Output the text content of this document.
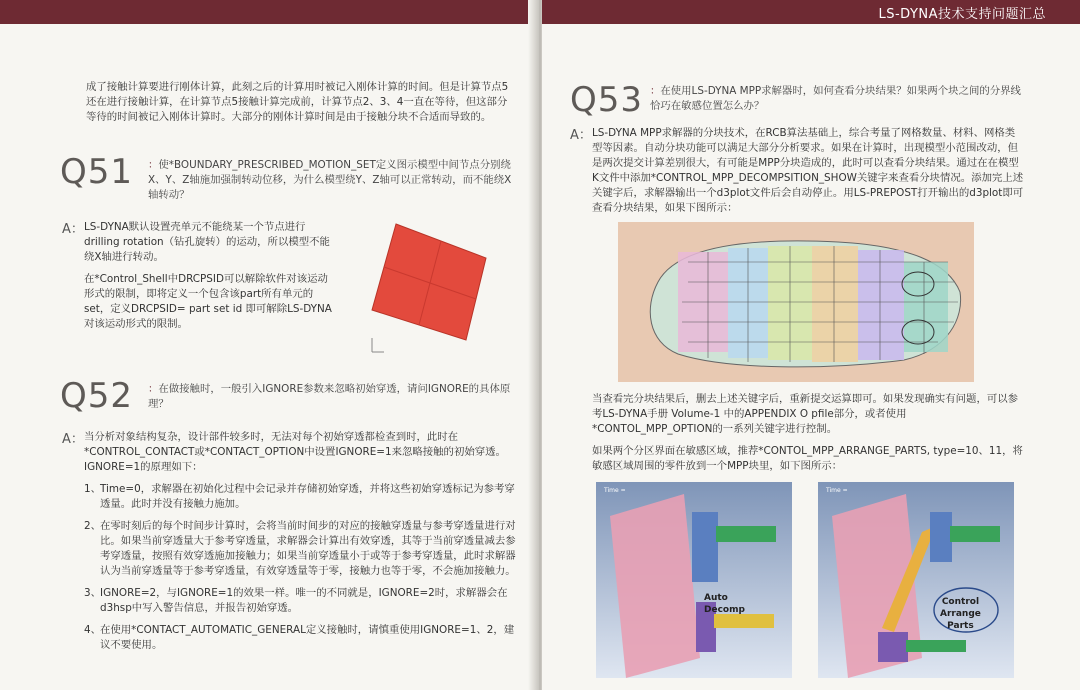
成了接触计算要进行刚体计算，此刻之后的计算用时被记入刚体计算的时间。但是计算节点5还在进行接触计算，在计算节点5接触计算完成前，计算节点2、3、4一直在等待，但这部分等待的时间被记入刚体计算时。大部分的刚体计算时间是由于接触分块不合适而导致的。
Q51 ：使*BOUNDARY_PRESCRIBED_MOTION_SET定义图示模型中间节点分别绕X、Y、Z轴施加强制转动位移，为什么模型绕Y、Z轴可以正常转动，而不能绕X轴转动？
A： LS-DYNA默认设置壳单元不能绕某一个节点进行drilling rotation（钻孔旋转）的运动，所以模型不能绕X轴进行转动。
在*Control_Shell中DRCPSID可以解除软件对该运动形式的限制，即将定义一个包含该part所有单元的set，定义DRCPSID= part set id 即可解除LS-DYNA对该运动形式的限制。
Q52 ：在做接触时，一般引入IGNORE参数来忽略初始穿透，请问IGNORE的具体原理？
A： 当分析对象结构复杂，设计部件较多时，无法对每个初始穿透都检查到时，此时在*CONTROL_CONTACT或*CONTACT_OPTION中设置IGNORE=1来忽略接触的初始穿透。IGNORE=1的原理如下：
1、
Time=0，求解器在初始化过程中会记录并存储初始穿透，并将这些初始穿透标记为参考穿透量。此时并没有接触力施加。
2、
在零时刻后的每个时间步计算时，会将当前时间步的对应的接触穿透量与参考穿透量进行对比。如果当前穿透量大于参考穿透量，求解器会计算出有效穿透，其等于当前穿透量减去参考穿透量，按照有效穿透施加接触力；如果当前穿透量小于或等于参考穿透量，此时求解器认为当前穿透量等于参考穿透量，有效穿透量等于零，接触力也等于零，不会施加接触力。
3、
IGNORE=2，与IGNORE=1的效果一样。唯一的不同就是，IGNORE=2时，求解器会在d3hsp中写入警告信息，并报告初始穿透。
4、
在使用*CONTACT_AUTOMATIC_GENERAL定义接触时，请慎重使用IGNORE=1、2，建议不要使用。
LS-DYNA技术支持问题汇总
Q53 ：在使用LS-DYNA MPP求解器时，如何查看分块结果？如果两个块之间的分界线恰巧在敏感位置怎么办？
A： LS-DYNA MPP求解器的分块技术，在RCB算法基础上，综合考量了网格数量、材料、网格类型等因素。自动分块功能可以满足大部分分析要求。如果在计算时，出现模型小范围改动，但是两次提交计算差别很大，有可能是MPP分块造成的，此时可以查看分块结果。通过在在模型K文件中添加*CONTROL_MPP_DECOMPSITION_SHOW关键字来查看分块情况。添加完上述关键字后，求解器输出一个d3plot文件后会自动停止。用LS-PREPOST打开输出的d3plot即可查看分块结果，如果下图所示：
当查看完分块结果后，删去上述关键字后，重新提交运算即可。如果发现确实有问题，可以参考LS-DYNA手册 Volume-1 中的APPENDIX O pfile部分，或者使用*CONTOL_MPP_OPTION的一系列关键字进行控制。
如果两个分区界面在敏感区域，推荐*CONTOL_MPP_ARRANGE_PARTS, type=10、11，将敏感区域周围的零件放到一个MPP块里，如下图所示：
Time =
Auto
Decomp
Time =
Control
Arrange
Parts
